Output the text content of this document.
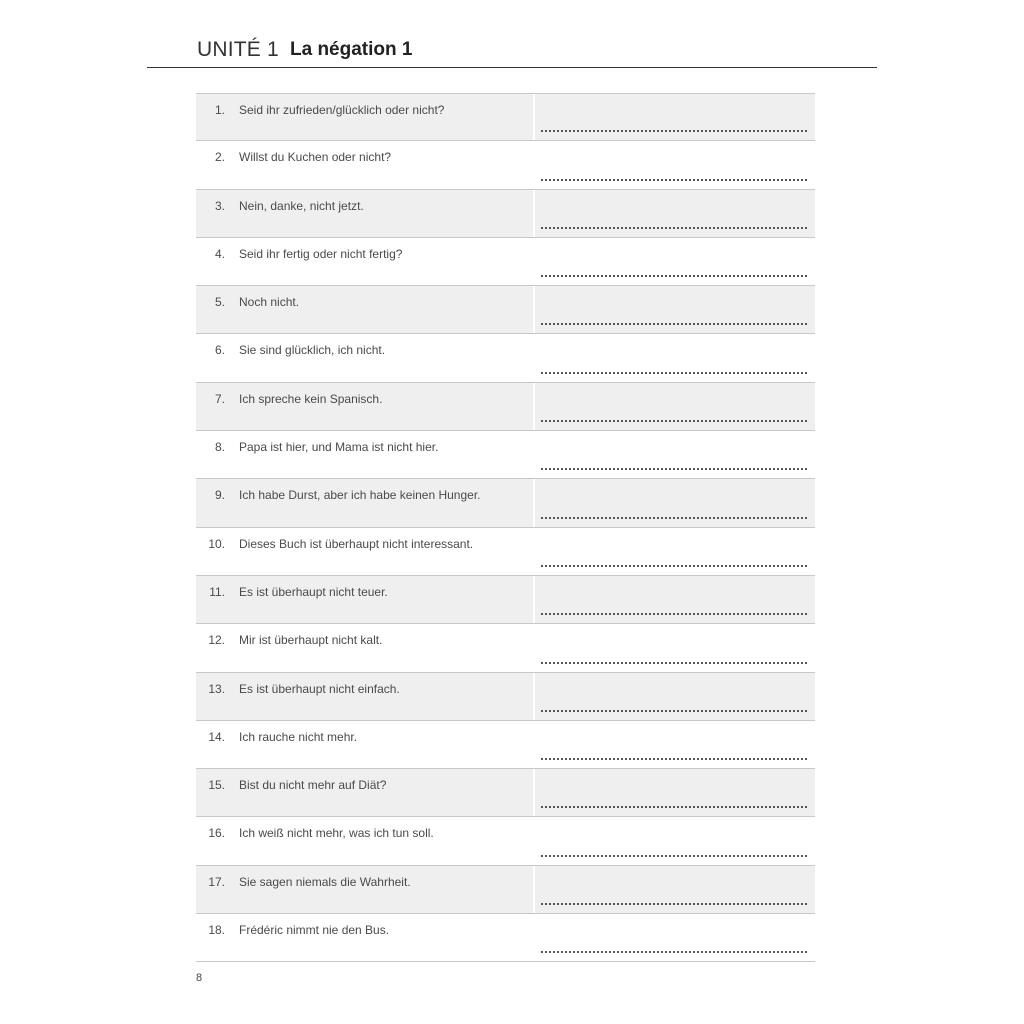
UNITÉ 1 La négation 1
1. Seid ihr zufrieden/glücklich oder nicht?
2. Willst du Kuchen oder nicht?
3. Nein, danke, nicht jetzt.
4. Seid ihr fertig oder nicht fertig?
5. Noch nicht.
6. Sie sind glücklich, ich nicht.
7. Ich spreche kein Spanisch.
8. Papa ist hier, und Mama ist nicht hier.
9. Ich habe Durst, aber ich habe keinen Hunger.
10. Dieses Buch ist überhaupt nicht interessant.
11. Es ist überhaupt nicht teuer.
12. Mir ist überhaupt nicht kalt.
13. Es ist überhaupt nicht einfach.
14. Ich rauche nicht mehr.
15. Bist du nicht mehr auf Diät?
16. Ich weiß nicht mehr, was ich tun soll.
17. Sie sagen niemals die Wahrheit.
18. Frédéric nimmt nie den Bus.
8
